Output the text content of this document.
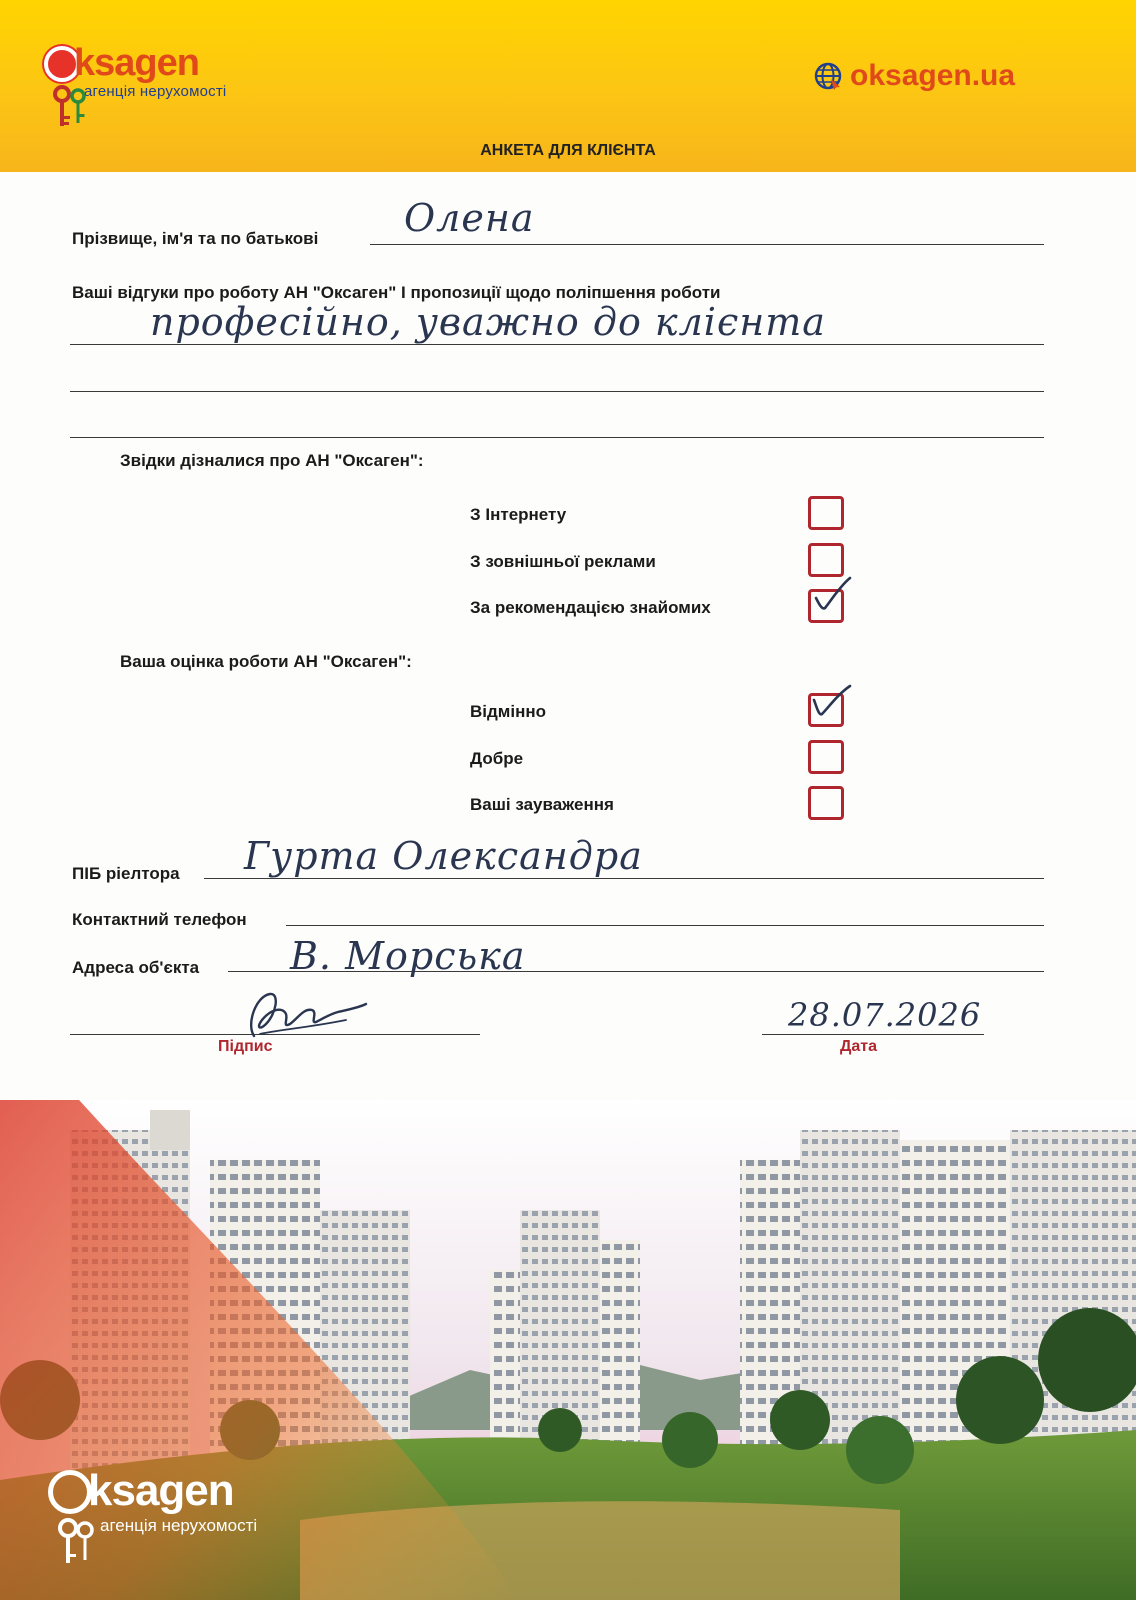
ksagen
агенція нерухомості	oksagen.ua
АНКЕТА ДЛЯ КЛІЄНТА
Прізвище, ім'я та по батькові Олена
Ваші відгуки про роботу АН "Оксаген" І пропозиції щодо поліпшення роботи
професійно, уважно до клієнта
Звідки дізналися про АН "Оксаген":
З Інтернету
З зовнішньої реклами
За рекомендацією знайомих
Ваша оцінка роботи АН "Оксаген":
Відмінно
Добре
Ваші зауваження
ПІБ ріелтора Гурта Олександра
Контактний телефон
Адреса об'єкта В. Морська
Підпис
28.07.2026
Дата
ksagen
агенція нерухомості
